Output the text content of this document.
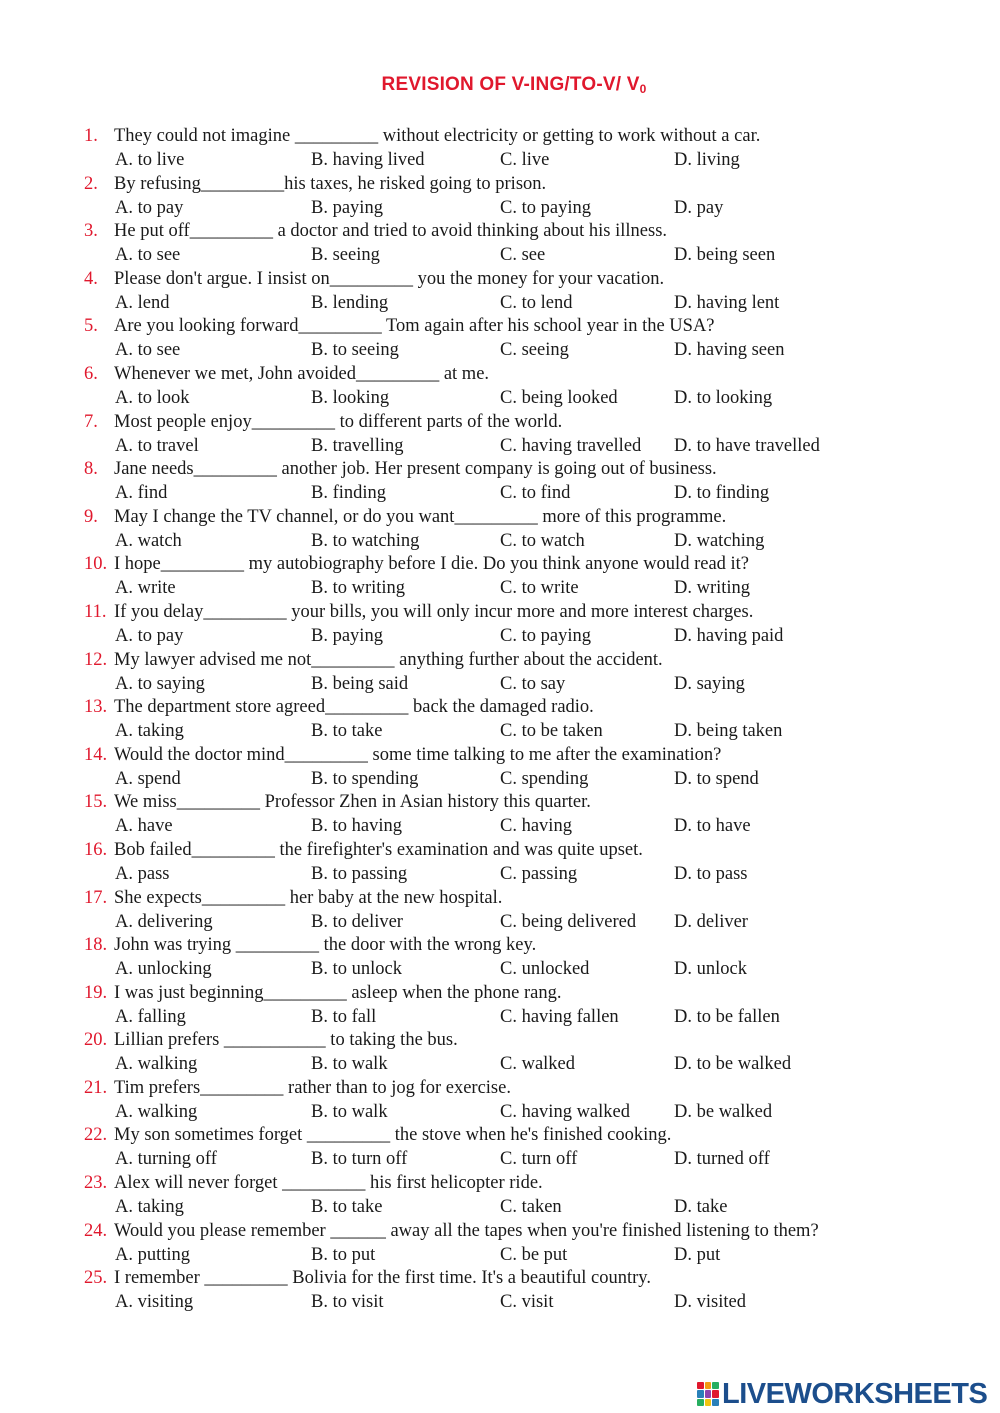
REVISION OF V-ING/TO-V/ $V_0$
1. They could not imagine _________ without electricity or getting to work without a car.
A. to live	B. having lived	C. live	D. living
2. By refusing_________his taxes, he risked going to prison.
A. to pay	B. paying	C. to paying	D. pay
3. He put off_________ a doctor and tried to avoid thinking about his illness.
A. to see	B. seeing	C. see	D. being seen
4. Please don't argue. I insist on_________ you the money for your vacation.
A. lend	B. lending	C. to lend	D. having lent
5. Are you looking forward_________ Tom again after his school year in the USA?
A. to see	B. to seeing	C. seeing	D. having seen
6. Whenever we met, John avoided_________ at me.
A. to look	B. looking	C. being looked	D. to looking
7. Most people enjoy_________ to different parts of the world.
A. to travel	B. travelling	C. having travelled D. to have travelled
8. Jane needs_________ another job. Her present company is going out of business.
A. find	B. finding	C. to find	D. to finding
9. May I change the TV channel, or do you want_________ more of this programme.
A. watch	B. to watching	C. to watch	D. watching
10. I hope_________ my autobiography before I die. Do you think anyone would read it?
A. write	B. to writing	C. to write	D. writing
11. If you delay_________ your bills, you will only incur more and more interest charges.
A. to pay	B. paying	C. to paying	D. having paid
12. My lawyer advised me not_________ anything further about the accident.
A. to saying	B. being said	C. to say	D. saying
13. The department store agreed_________ back the damaged radio.
A. taking	B. to take	C. to be taken	D. being taken
14. Would the doctor mind_________ some time talking to me after the examination?
A. spend	B. to spending	C. spending	D. to spend
15. We miss_________ Professor Zhen in Asian history this quarter.
A. have	B. to having	C. having	D. to have
16. Bob failed_________ the firefighter's examination and was quite upset.
A. pass	B. to passing	C. passing	D. to pass
17. She expects_________ her baby at the new hospital.
A. delivering	B. to deliver	C. being delivered D. deliver
18. John was trying _________ the door with the wrong key.
A. unlocking	B. to unlock	C. unlocked	D. unlock
19. I was just beginning_________ asleep when the phone rang.
A. falling	B. to fall	C. having fallen	D. to be fallen
20. Lillian prefers ___________ to taking the bus.
A. walking	B. to walk	C. walked	D. to be walked
21. Tim prefers_________ rather than to jog for exercise.
A. walking	B. to walk	C. having walked D. be walked
22. My son sometimes forget _________ the stove when he's finished cooking.
A. turning off	B. to turn off	C. turn off	D. turned off
23. Alex will never forget _________ his first helicopter ride.
A. taking	B. to take	C. taken	D. take
24. Would you please remember ______ away all the tapes when you're finished listening to them?
A. putting	B. to put	C. be put	D. put
25. I remember _________ Bolivia for the first time. It's a beautiful country.
A. visiting	B. to visit	C. visit	D. visited
LIVEWORKSHEETS
